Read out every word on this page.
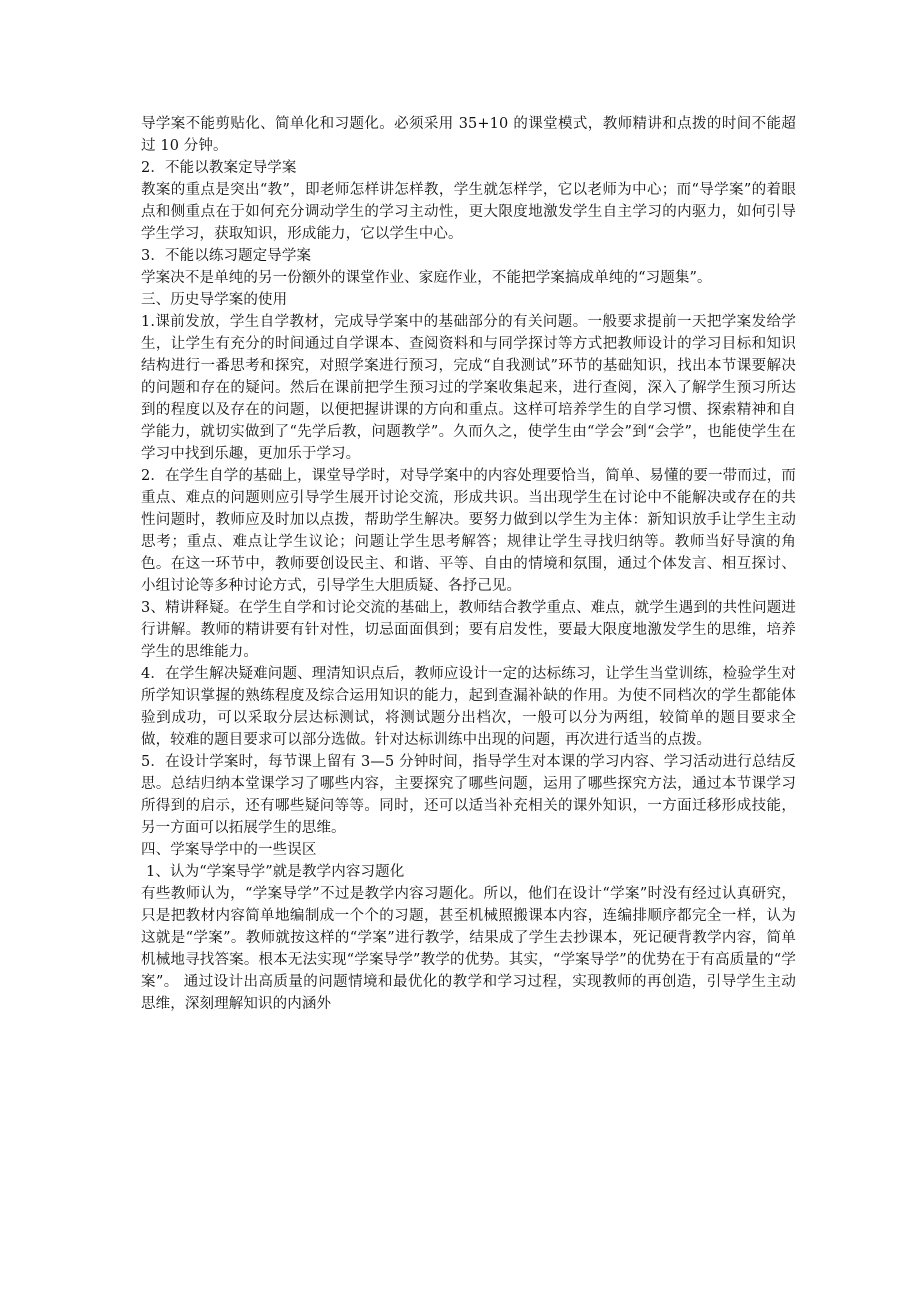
导学案不能剪贴化、简单化和习题化。必须采用 35+10 的课堂模式，教师精讲和点拨的时间不能超过 10 分钟。

2．不能以教案定导学案

教案的重点是突出“教”，即老师怎样讲怎样教，学生就怎样学，它以老师为中心；而“导学案”的着眼点和侧重点在于如何充分调动学生的学习主动性，更大限度地激发学生自主学习的内驱力，如何引导学生学习，获取知识，形成能力，它以学生中心。

3．不能以练习题定导学案

学案决不是单纯的另一份额外的课堂作业、家庭作业，不能把学案搞成单纯的“习题集”。

三、历史导学案的使用

1.课前发放，学生自学教材，完成导学案中的基础部分的有关问题。一般要求提前一天把学案发给学生，让学生有充分的时间通过自学课本、查阅资料和与同学探讨等方式把教师设计的学习目标和知识结构进行一番思考和探究，对照学案进行预习，完成“自我测试”环节的基础知识，找出本节课要解决的问题和存在的疑问。然后在课前把学生预习过的学案收集起来，进行查阅，深入了解学生预习所达到的程度以及存在的问题，以便把握讲课的方向和重点。这样可培养学生的自学习惯、探索精神和自学能力，就切实做到了“先学后教，问题教学”。久而久之，使学生由“学会”到“会学”，也能使学生在学习中找到乐趣，更加乐于学习。

2．在学生自学的基础上，课堂导学时，对导学案中的内容处理要恰当，简单、易懂的要一带而过，而重点、难点的问题则应引导学生展开讨论交流，形成共识。当出现学生在讨论中不能解决或存在的共性问题时，教师应及时加以点拨，帮助学生解决。要努力做到以学生为主体：新知识放手让学生主动思考；重点、难点让学生议论；问题让学生思考解答；规律让学生寻找归纳等。教师当好导演的角色。在这一环节中，教师要创设民主、和谐、平等、自由的情境和氛围，通过个体发言、相互探讨、小组讨论等多种讨论方式，引导学生大胆质疑、各抒己见。

3、精讲释疑。在学生自学和讨论交流的基础上，教师结合教学重点、难点，就学生遇到的共性问题进行讲解。教师的精讲要有针对性，切忌面面俱到；要有启发性，要最大限度地激发学生的思维，培养学生的思维能力。

4．在学生解决疑难问题、理清知识点后，教师应设计一定的达标练习，让学生当堂训练，检验学生对所学知识掌握的熟练程度及综合运用知识的能力，起到查漏补缺的作用。为使不同档次的学生都能体验到成功，可以采取分层达标测试，将测试题分出档次，一般可以分为两组，较简单的题目要求全做，较难的题目要求可以部分选做。针对达标训练中出现的问题，再次进行适当的点拨。

5．在设计学案时，每节课上留有 3—5 分钟时间，指导学生对本课的学习内容、学习活动进行总结反思。总结归纳本堂课学习了哪些内容，主要探究了哪些问题，运用了哪些探究方法，通过本节课学习所得到的启示，还有哪些疑问等等。同时，还可以适当补充相关的课外知识，一方面迁移形成技能，另一方面可以拓展学生的思维。

四、学案导学中的一些误区

1、认为“学案导学”就是教学内容习题化

有些教师认为，“学案导学”不过是教学内容习题化。所以，他们在设计“学案”时没有经过认真研究，只是把教材内容简单地编制成一个个的习题，甚至机械照搬课本内容，连编排顺序都完全一样，认为这就是“学案”。教师就按这样的“学案”进行教学，结果成了学生去抄课本，死记硬背教学内容，简单机械地寻找答案。根本无法实现“学案导学”教学的优势。其实，“学案导学”的优势在于有高质量的“学案”。 通过设计出高质量的问题情境和最优化的教学和学习过程，实现教师的再创造，引导学生主动思维，深刻理解知识的内涵外
